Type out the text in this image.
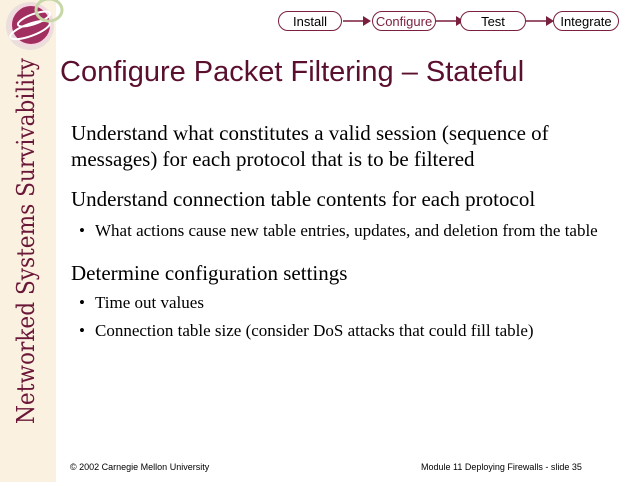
Networked Systems Survivability	Install	Configure	Test	Integrate
Configure Packet Filtering – Stateful
Understand what constitutes a valid session (sequence of messages) for each protocol that is to be filtered
Understand connection table contents for each protocol
• What actions cause new table entries, updates, and deletion from the table
Determine configuration settings
• Time out values
• Connection table size (consider DoS attacks that could fill table)
© 2002 Carnegie Mellon University	Module 11 Deploying Firewalls - slide 35
